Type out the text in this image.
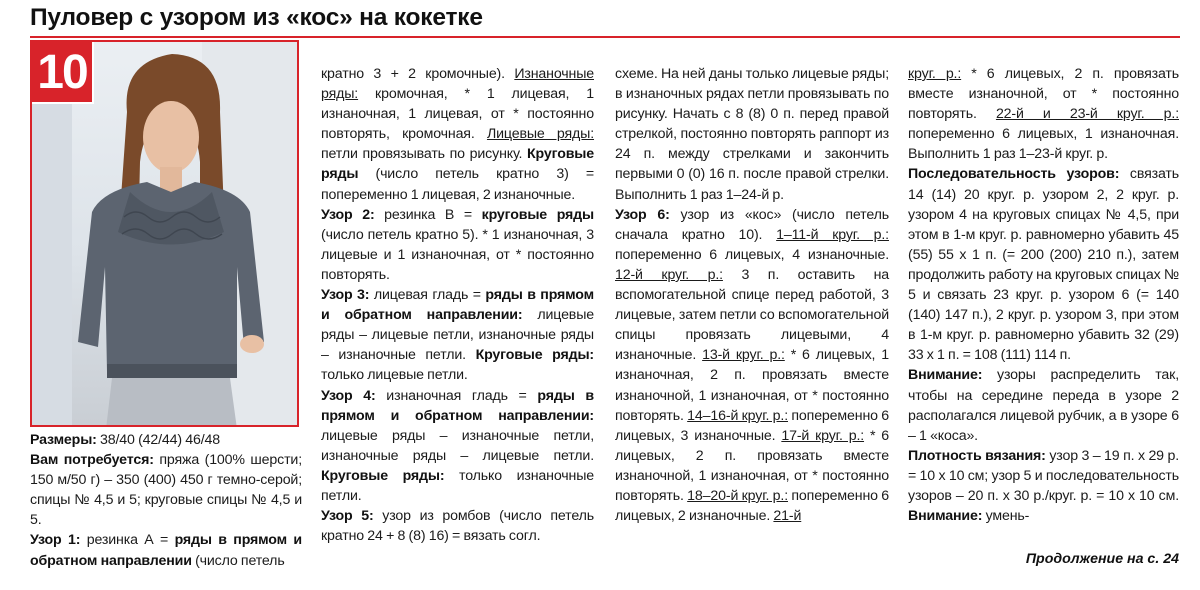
Пуловер с узором из «кос» на кокетке
10
Размеры: 38/40 (42/44) 46/48
Вам потребуется: пряжа (100% шерсти; 150 м/50 г) – 350 (400) 450 г темно-серой; спицы № 4,5 и 5; круговые спицы № 4,5 и 5.
Узор 1: резинка А = ряды в прямом и обратном направлении (число петель
кратно 3 + 2 кромочные). Изнаночные ряды: кромочная, * 1 лицевая, 1 изнаночная, 1 лицевая, от * постоянно повторять, кромочная. Лицевые ряды: петли провязывать по рисунку. Круговые ряды (число петель кратно 3) = попеременно 1 лицевая, 2 изнаночные.
Узор 2: резинка В = круговые ряды (число петель кратно 5). * 1 изнаночная, 3 лицевые и 1 изнаночная, от * постоянно повторять.
Узор 3: лицевая гладь = ряды в прямом и обратном направлении: лицевые ряды – лицевые петли, изнаночные ряды – изнаночные петли. Круговые ряды: только лицевые петли.
Узор 4: изнаночная гладь = ряды в прямом и обратном направлении: лицевые ряды – изнаночные петли, изнаночные ряды – лицевые петли. Круговые ряды: только изнаночные петли.
Узор 5: узор из ромбов (число петель кратно 24 + 8 (8) 16) = вязать согл.
схеме. На ней даны только лицевые ряды; в изнаночных рядах петли провязывать по рисунку. Начать с 8 (8) 0 п. перед правой стрелкой, постоянно повторять раппорт из 24 п. между стрелками и закончить первыми 0 (0) 16 п. после правой стрелки. Выполнить 1 раз 1–24-й р.
Узор 6: узор из «кос» (число петель сначала кратно 10). 1–11-й круг. р.: попеременно 6 лицевых, 4 изнаночные. 12-й круг. р.: 3 п. оставить на вспомогательной спице перед работой, 3 лицевые, затем петли со вспомогательной спицы провязать лицевыми, 4 изнаночные. 13-й круг. р.: * 6 лицевых, 1 изнаночная, 2 п. провязать вместе изнаночной, 1 изнаночная, от * постоянно повторять. 14–16-й круг. р.: попеременно 6 лицевых, 3 изнаночные. 17-й круг. р.: * 6 лицевых, 2 п. провязать вместе изнаночной, 1 изнаночная, от * постоянно повторять. 18–20-й круг. р.: попеременно 6 лицевых, 2 изнаночные. 21-й
круг. р.: * 6 лицевых, 2 п. провязать вместе изнаночной, от * постоянно повторять. 22-й и 23-й круг. р.: попеременно 6 лицевых, 1 изнаночная. Выполнить 1 раз 1–23-й круг. р.
Последовательность узоров: связать 14 (14) 20 круг. р. узором 2, 2 круг. р. узором 4 на круговых спицах № 4,5, при этом в 1-м круг. р. равномерно убавить 45 (55) 55 х 1 п. (= 200 (200) 210 п.), затем продолжить работу на круговых спицах № 5 и связать 23 круг. р. узором 6 (= 140 (140) 147 п.), 2 круг. р. узором 3, при этом в 1-м круг. р. равномерно убавить 32 (29) 33 х 1 п. = 108 (111) 114 п.
Внимание: узоры распределить так, чтобы на середине переда в узоре 2 располагался лицевой рубчик, а в узоре 6 – 1 «коса».
Плотность вязания: узор 3 – 19 п. х 29 р. = 10 х 10 см; узор 5 и последовательность узоров – 20 п. х 30 р./круг. р. = 10 х 10 см. Внимание: умень-
Продолжение на с. 24
